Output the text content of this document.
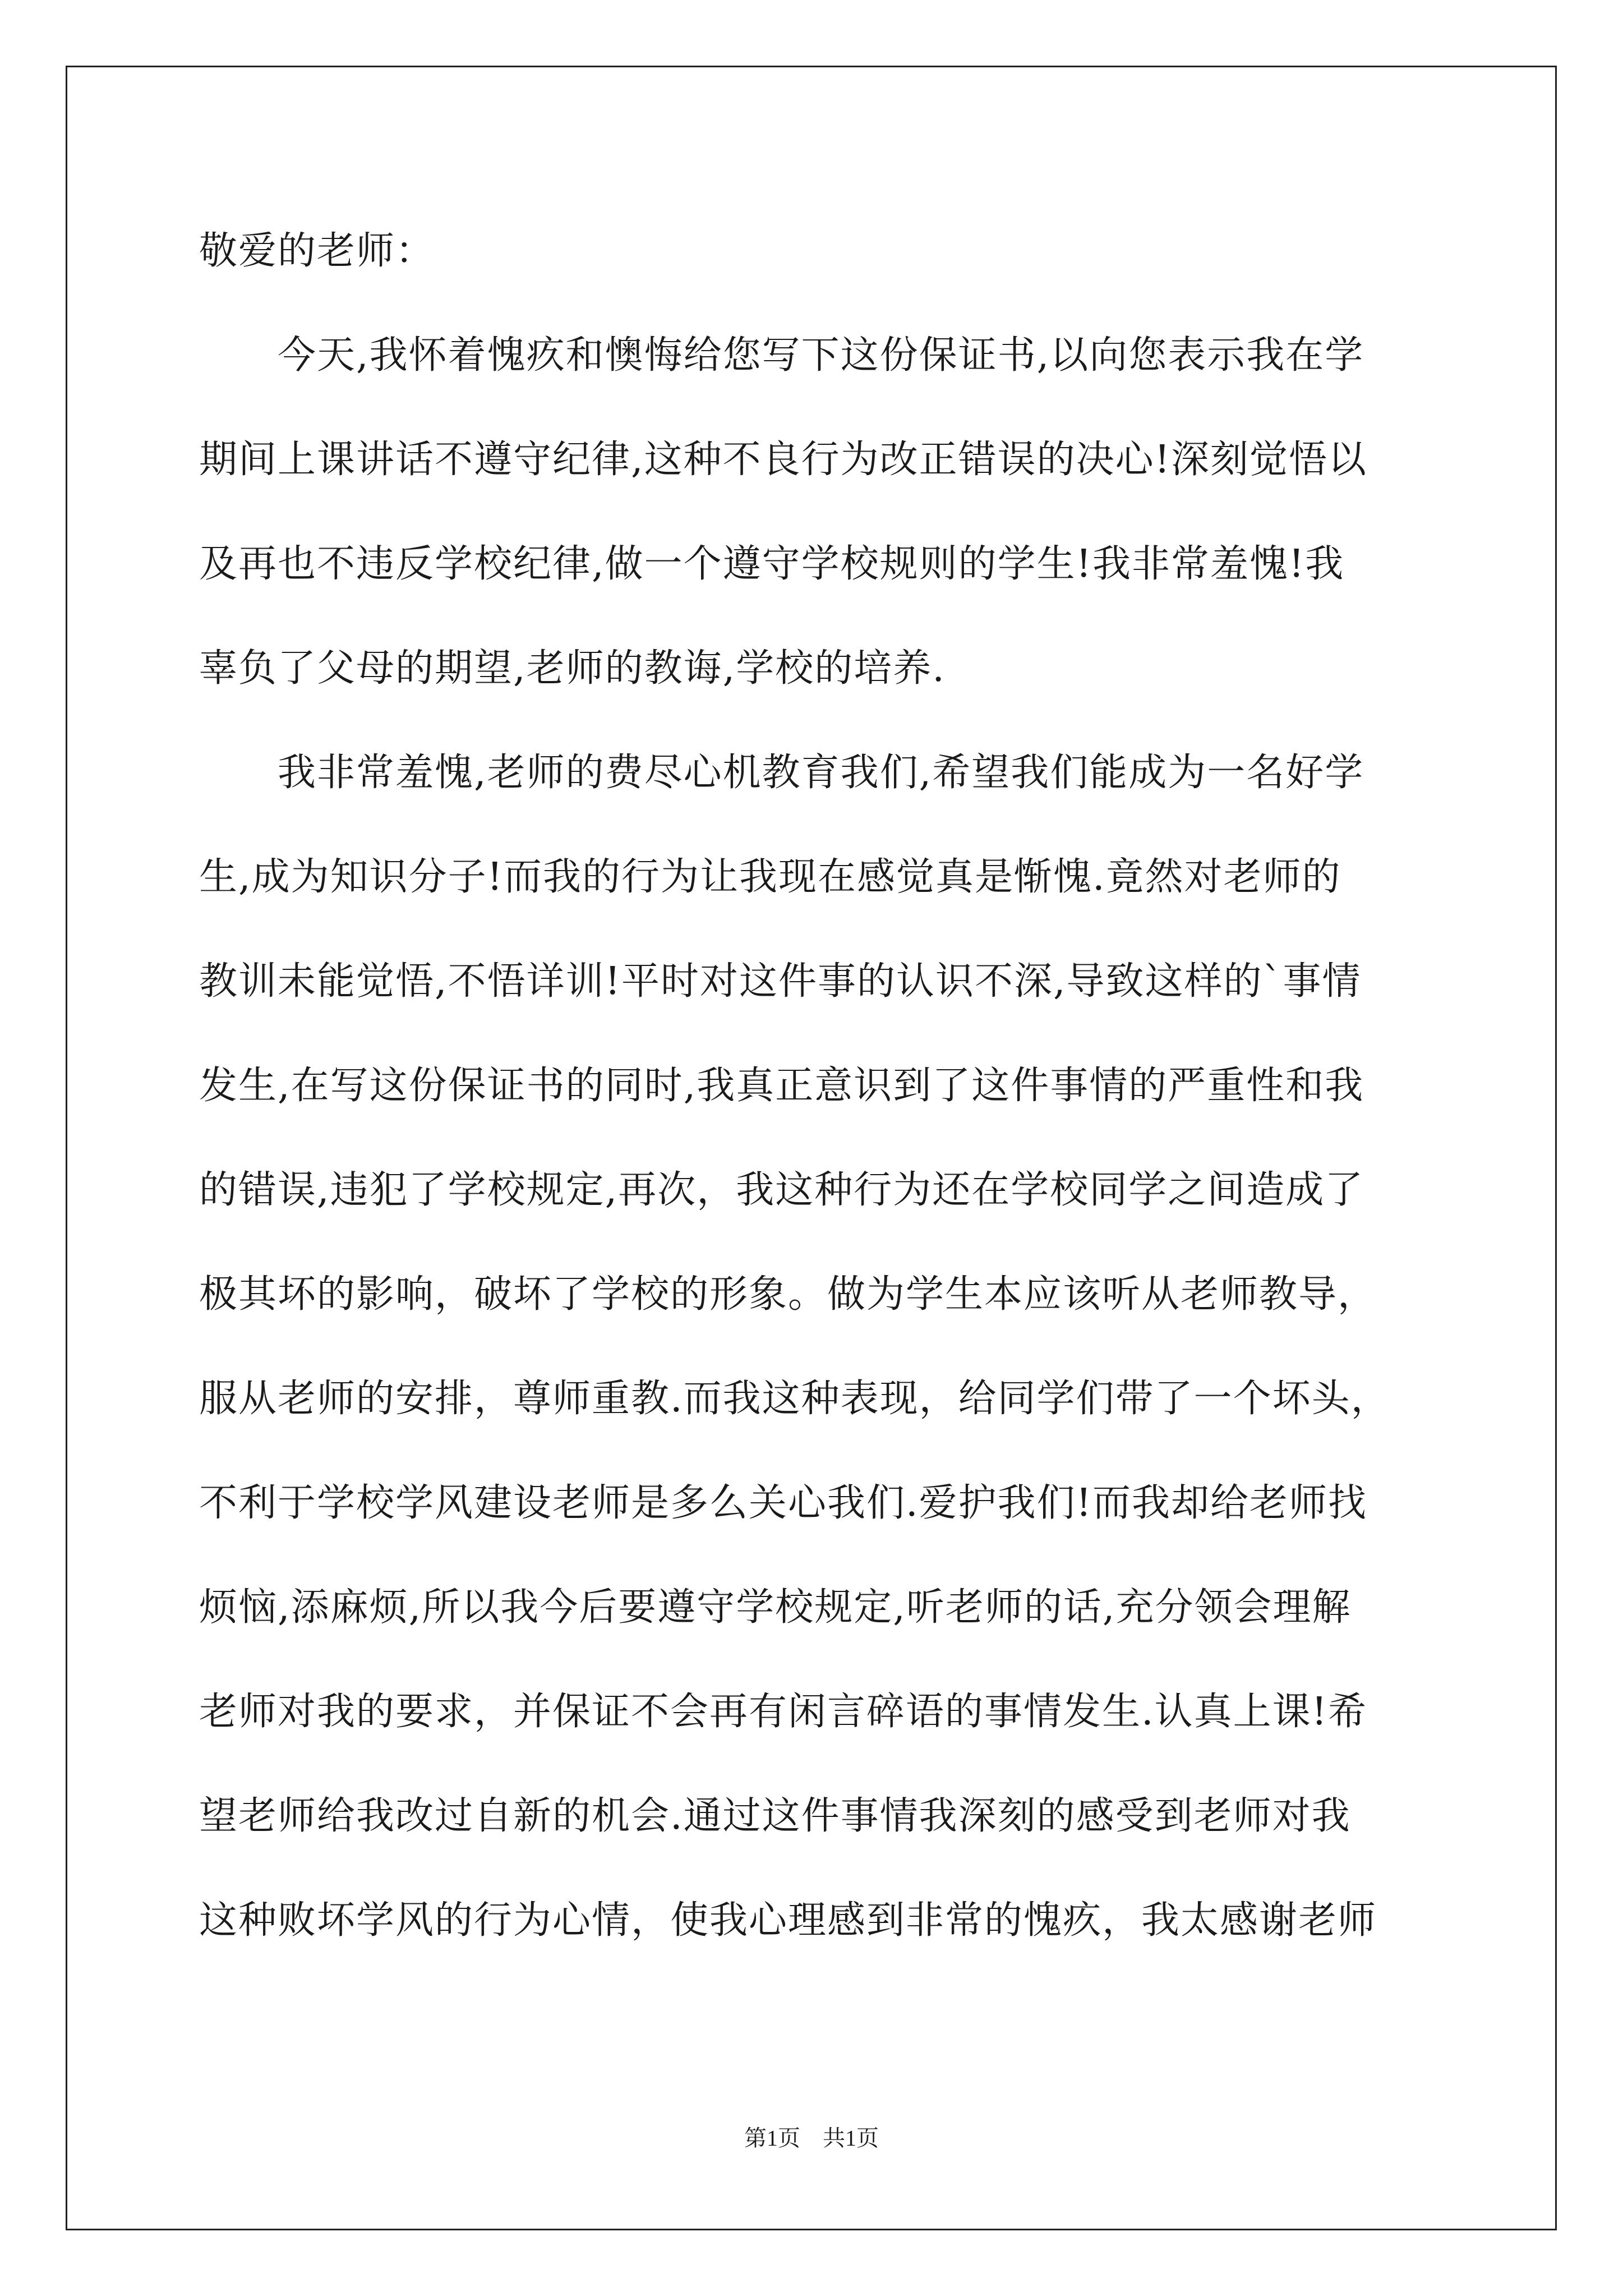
敬爱的老师：
　　今天,我怀着愧疚和懊悔给您写下这份保证书,以向您表示我在学
期间上课讲话不遵守纪律,这种不良行为改正错误的决心!深刻觉悟以
及再也不违反学校纪律,做一个遵守学校规则的学生!我非常羞愧!我
辜负了父母的期望,老师的教诲,学校的培养.
　　我非常羞愧,老师的费尽心机教育我们,希望我们能成为一名好学
生,成为知识分子!而我的行为让我现在感觉真是惭愧.竟然对老师的
教训未能觉悟,不悟详训!平时对这件事的认识不深,导致这样的`事情
发生,在写这份保证书的同时,我真正意识到了这件事情的严重性和我
的错误,违犯了学校规定,再次，我这种行为还在学校同学之间造成了
极其坏的影响，破坏了学校的形象。做为学生本应该听从老师教导，
服从老师的安排，尊师重教.而我这种表现，给同学们带了一个坏头，
不利于学校学风建设老师是多么关心我们.爱护我们!而我却给老师找
烦恼,添麻烦,所以我今后要遵守学校规定,听老师的话,充分领会理解
老师对我的要求，并保证不会再有闲言碎语的事情发生.认真上课!希
望老师给我改过自新的机会.通过这件事情我深刻的感受到老师对我
这种败坏学风的行为心情，使我心理感到非常的愧疚，我太感谢老师
第1页 共1页
